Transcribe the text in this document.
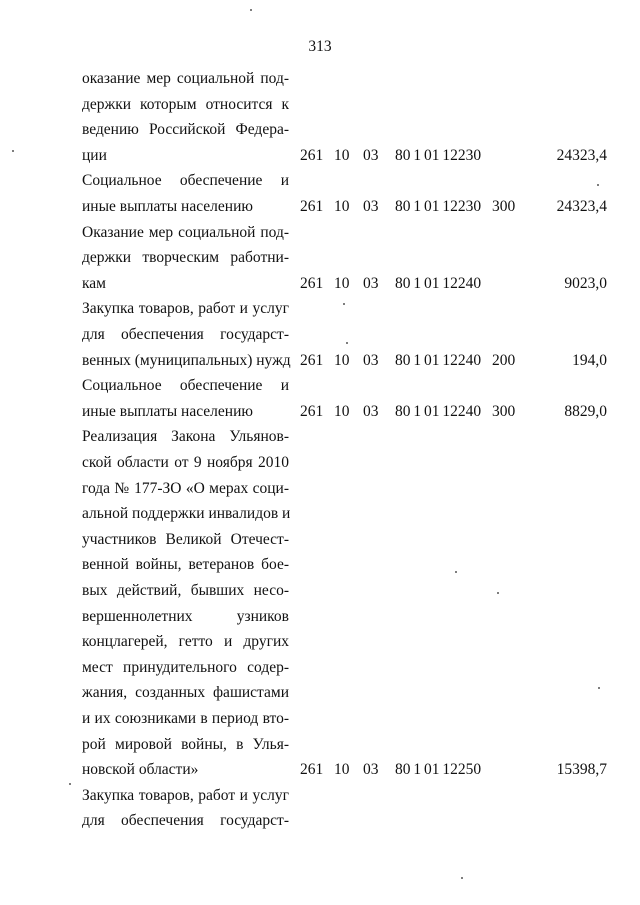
313
оказание мер социальной под-
держки которым относится к
ведению Российской Федера-
ции	261 10 03 80 1 01 12230	24323,4
Социальное обеспечение и
иные выплаты населению	261 10 03 80 1 01 12230 300	24323,4
Оказание мер социальной под-
держки творческим работни-
кам	261 10 03 80 1 01 12240	9023,0
Закупка товаров, работ и услуг
для обеспечения государст-
венных (муниципальных) нужд 261 10 03 80 1 01 12240 200	194,0
Социальное обеспечение и
иные выплаты населению	261 10 03 80 1 01 12240 300	8829,0
Реализация Закона Ульянов-
ской области от 9 ноября 2010
года № 177-ЗО «О мерах соци-
альной поддержки инвалидов и
участников Великой Отечест-
венной войны, ветеранов бое-
вых действий, бывших несо-
вершеннолетних узников
концлагерей, гетто и других
мест принудительного содер-
жания, созданных фашистами
и их союзниками в период вто-
рой мировой войны, в Улья-
новской области»	261 10 03 80 1 01 12250	15398,7
Закупка товаров, работ и услуг
для обеспечения государст-
